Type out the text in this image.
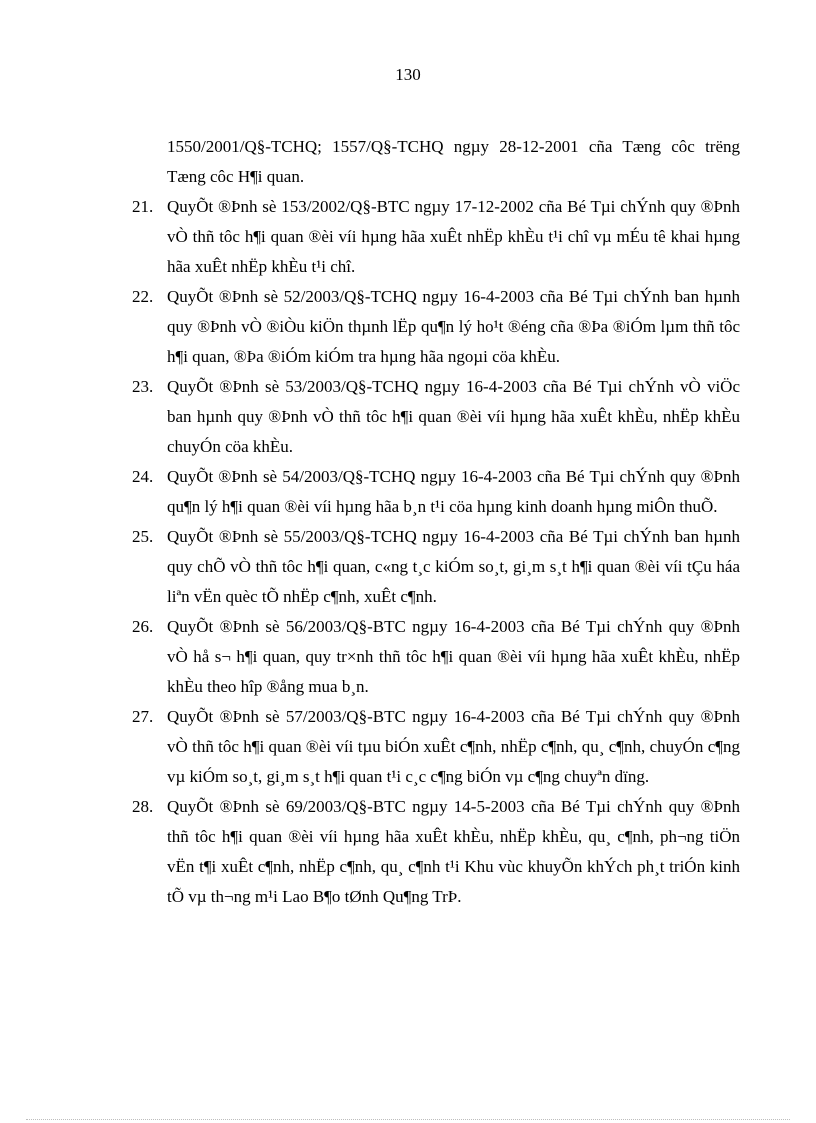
130

1550/2001/Q§-TCHQ; 1557/Q§-TCHQ ngµy 28-12-2001 cña Tæng côc trëng Tæng côc H¶i quan.

21. QuyÕt ®Þnh sè 153/2002/Q§-BTC ngµy 17-12-2002 cña Bé Tµi chÝnh quy ®Þnh vÒ thñ tôc h¶i quan ®èi víi hµng hãa xuÊt nhËp khÈu t¹i chî vµ mÉu tê khai hµng hãa xuÊt nhËp khÈu t¹i chî.
22. QuyÕt ®Þnh sè 52/2003/Q§-TCHQ ngµy 16-4-2003 cña Bé Tµi chÝnh ban hµnh quy ®Þnh vÒ ®iÒu kiÖn thµnh lËp qu¶n lý ho¹t ®éng cña ®Þa ®iÓm lµm thñ tôc h¶i quan, ®Þa ®iÓm kiÓm tra hµng hãa ngoµi cöa khÈu.
23. QuyÕt ®Þnh sè 53/2003/Q§-TCHQ ngµy 16-4-2003 cña Bé Tµi chÝnh vÒ viÖc ban hµnh quy ®Þnh vÒ thñ tôc h¶i quan ®èi víi hµng hãa xuÊt khÈu, nhËp khÈu chuyÓn cöa khÈu.
24. QuyÕt ®Þnh sè 54/2003/Q§-TCHQ ngµy 16-4-2003 cña Bé Tµi chÝnh quy ®Þnh qu¶n lý h¶i quan ®èi víi hµng hãa b¸n t¹i cöa hµng kinh doanh hµng miÔn thuÕ.
25. QuyÕt ®Þnh sè 55/2003/Q§-TCHQ ngµy 16-4-2003 cña Bé Tµi chÝnh ban hµnh quy chÕ vÒ thñ tôc h¶i quan, c«ng t¸c kiÓm so¸t, gi¸m s¸t h¶i quan ®èi víi tÇu háa liªn vËn quèc tÕ nhËp c¶nh, xuÊt c¶nh.
26. QuyÕt ®Þnh sè 56/2003/Q§-BTC ngµy 16-4-2003 cña Bé Tµi chÝnh quy ®Þnh vÒ hå s¬ h¶i quan, quy tr×nh thñ tôc h¶i quan ®èi víi hµng hãa xuÊt khÈu, nhËp khÈu theo hîp ®ång mua b¸n.
27. QuyÕt ®Þnh sè 57/2003/Q§-BTC ngµy 16-4-2003 cña Bé Tµi chÝnh quy ®Þnh vÒ thñ tôc h¶i quan ®èi víi tµu biÓn xuÊt c¶nh, nhËp c¶nh, qu¸ c¶nh, chuyÓn c¶ng vµ kiÓm so¸t, gi¸m s¸t h¶i quan t¹i c¸c c¶ng biÓn vµ c¶ng chuyªn dïng.
28. QuyÕt ®Þnh sè 69/2003/Q§-BTC ngµy 14-5-2003 cña Bé Tµi chÝnh quy ®Þnh thñ tôc h¶i quan ®èi víi hµng hãa xuÊt khÈu, nhËp khÈu, qu¸ c¶nh, ph¬ng tiÖn vËn t¶i xuÊt c¶nh, nhËp c¶nh, qu¸ c¶nh t¹i Khu vùc khuyÕn khÝch ph¸t triÓn kinh tÕ vµ th¬ng m¹i Lao B¶o tØnh Qu¶ng TrÞ.
